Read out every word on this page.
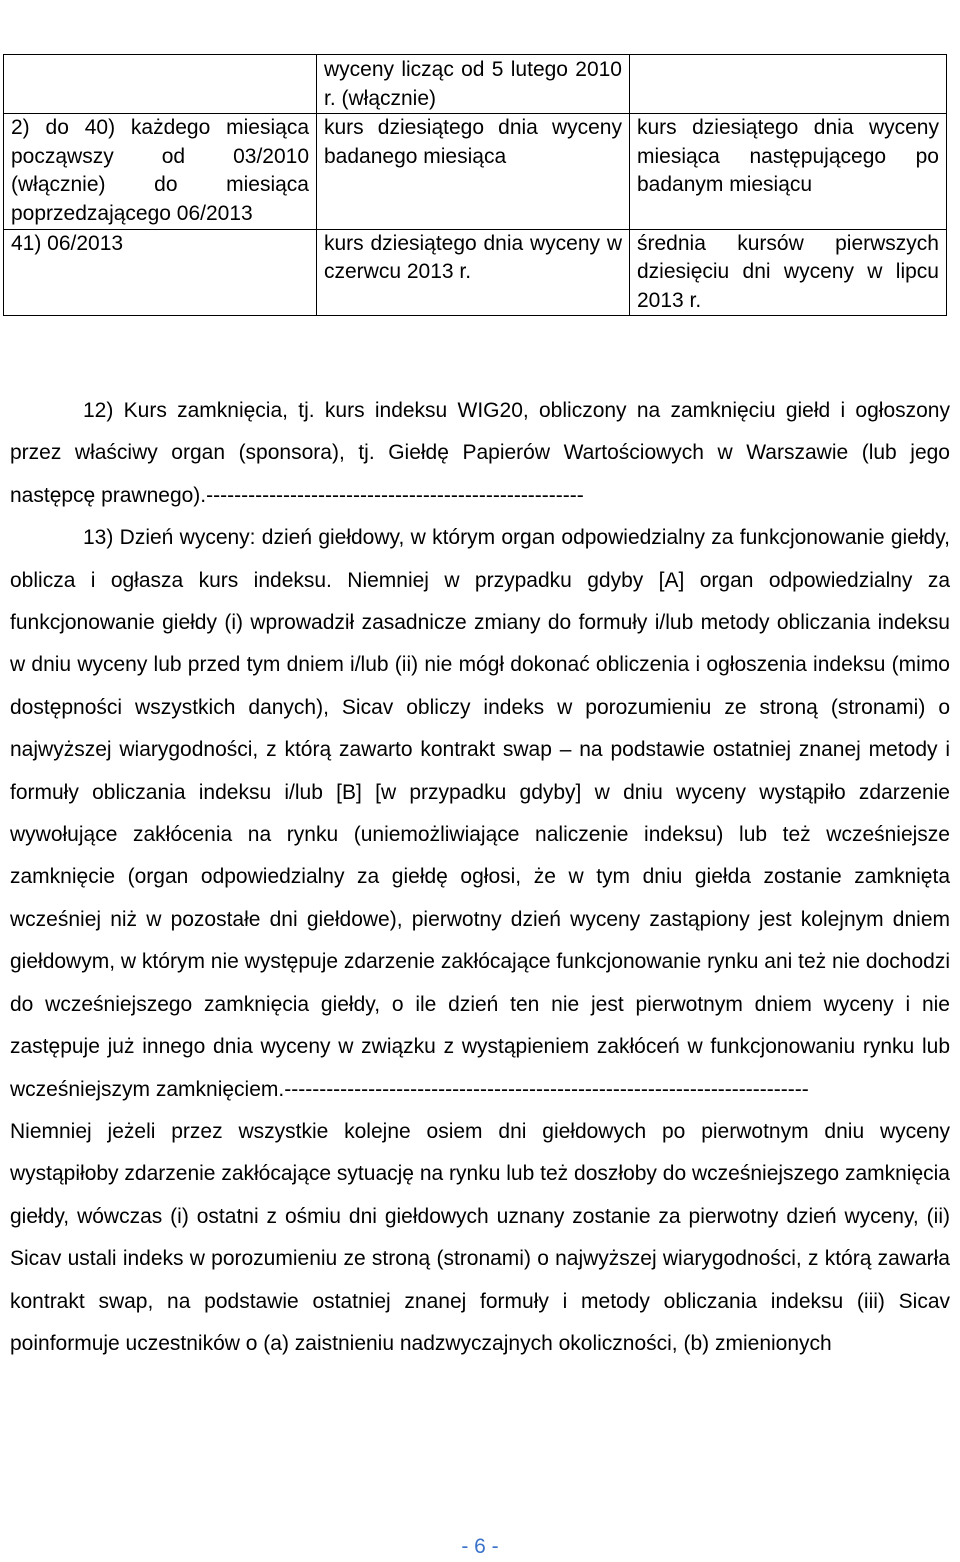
	wyceny licząc od 5 lutego 2010 r. (włącznie)	

2) do 40) każdego miesiąca począwszy od 03/2010 (włącznie) do miesiąca poprzedzającego 06/2013	kurs dziesiątego dnia wyceny badanego miesiąca	kurs dziesiątego dnia wyceny miesiąca następującego po badanym miesiącu

41) 06/2013	kurs dziesiątego dnia wyceny w czerwcu 2013 r.	średnia kursów pierwszych dziesięciu dni wyceny w lipcu 2013 r.

12) Kurs zamknięcia, tj. kurs indeksu WIG20, obliczony na zamknięciu giełd i ogłoszony przez właściwy organ (sponsora), tj. Giełdę Papierów Wartościowych w Warszawie (lub jego następcę prawnego).------------------------------------------------------

13) Dzień wyceny: dzień giełdowy, w którym organ odpowiedzialny za funkcjonowanie giełdy, oblicza i ogłasza kurs indeksu. Niemniej w przypadku gdyby [A] organ odpowiedzialny za funkcjonowanie giełdy (i) wprowadził zasadnicze zmiany do formuły i/lub metody obliczania indeksu w dniu wyceny lub przed tym dniem i/lub (ii) nie mógł dokonać obliczenia i ogłoszenia indeksu (mimo dostępności wszystkich danych), Sicav obliczy indeks w porozumieniu ze stroną (stronami) o najwyższej wiarygodności, z którą zawarto kontrakt swap – na podstawie ostatniej znanej metody i formuły obliczania indeksu i/lub [B] [w przypadku gdyby] w dniu wyceny wystąpiło zdarzenie wywołujące zakłócenia na rynku (uniemożliwiające naliczenie indeksu) lub też wcześniejsze zamknięcie (organ odpowiedzialny za giełdę ogłosi, że w tym dniu giełda zostanie zamknięta wcześniej niż w pozostałe dni giełdowe), pierwotny dzień wyceny zastąpiony jest kolejnym dniem giełdowym, w którym nie występuje zdarzenie zakłócające funkcjonowanie rynku ani też nie dochodzi do wcześniejszego zamknięcia giełdy, o ile dzień ten nie jest pierwotnym dniem wyceny i nie zastępuje już innego dnia wyceny w związku z wystąpieniem zakłóceń w funkcjonowaniu rynku lub wcześniejszym zamknięciem.---------------------------------------------------------------------------

Niemniej jeżeli przez wszystkie kolejne osiem dni giełdowych po pierwotnym dniu wyceny wystąpiłoby zdarzenie zakłócające sytuację na rynku lub też doszłoby do wcześniejszego zamknięcia giełdy, wówczas (i) ostatni z ośmiu dni giełdowych uznany zostanie za pierwotny dzień wyceny, (ii) Sicav ustali indeks w porozumieniu ze stroną (stronami) o najwyższej wiarygodności, z którą zawarła kontrakt swap, na podstawie ostatniej znanej formuły i metody obliczania indeksu (iii) Sicav poinformuje uczestników o (a) zaistnieniu nadzwyczajnych okoliczności, (b) zmienionych

- 6 -
